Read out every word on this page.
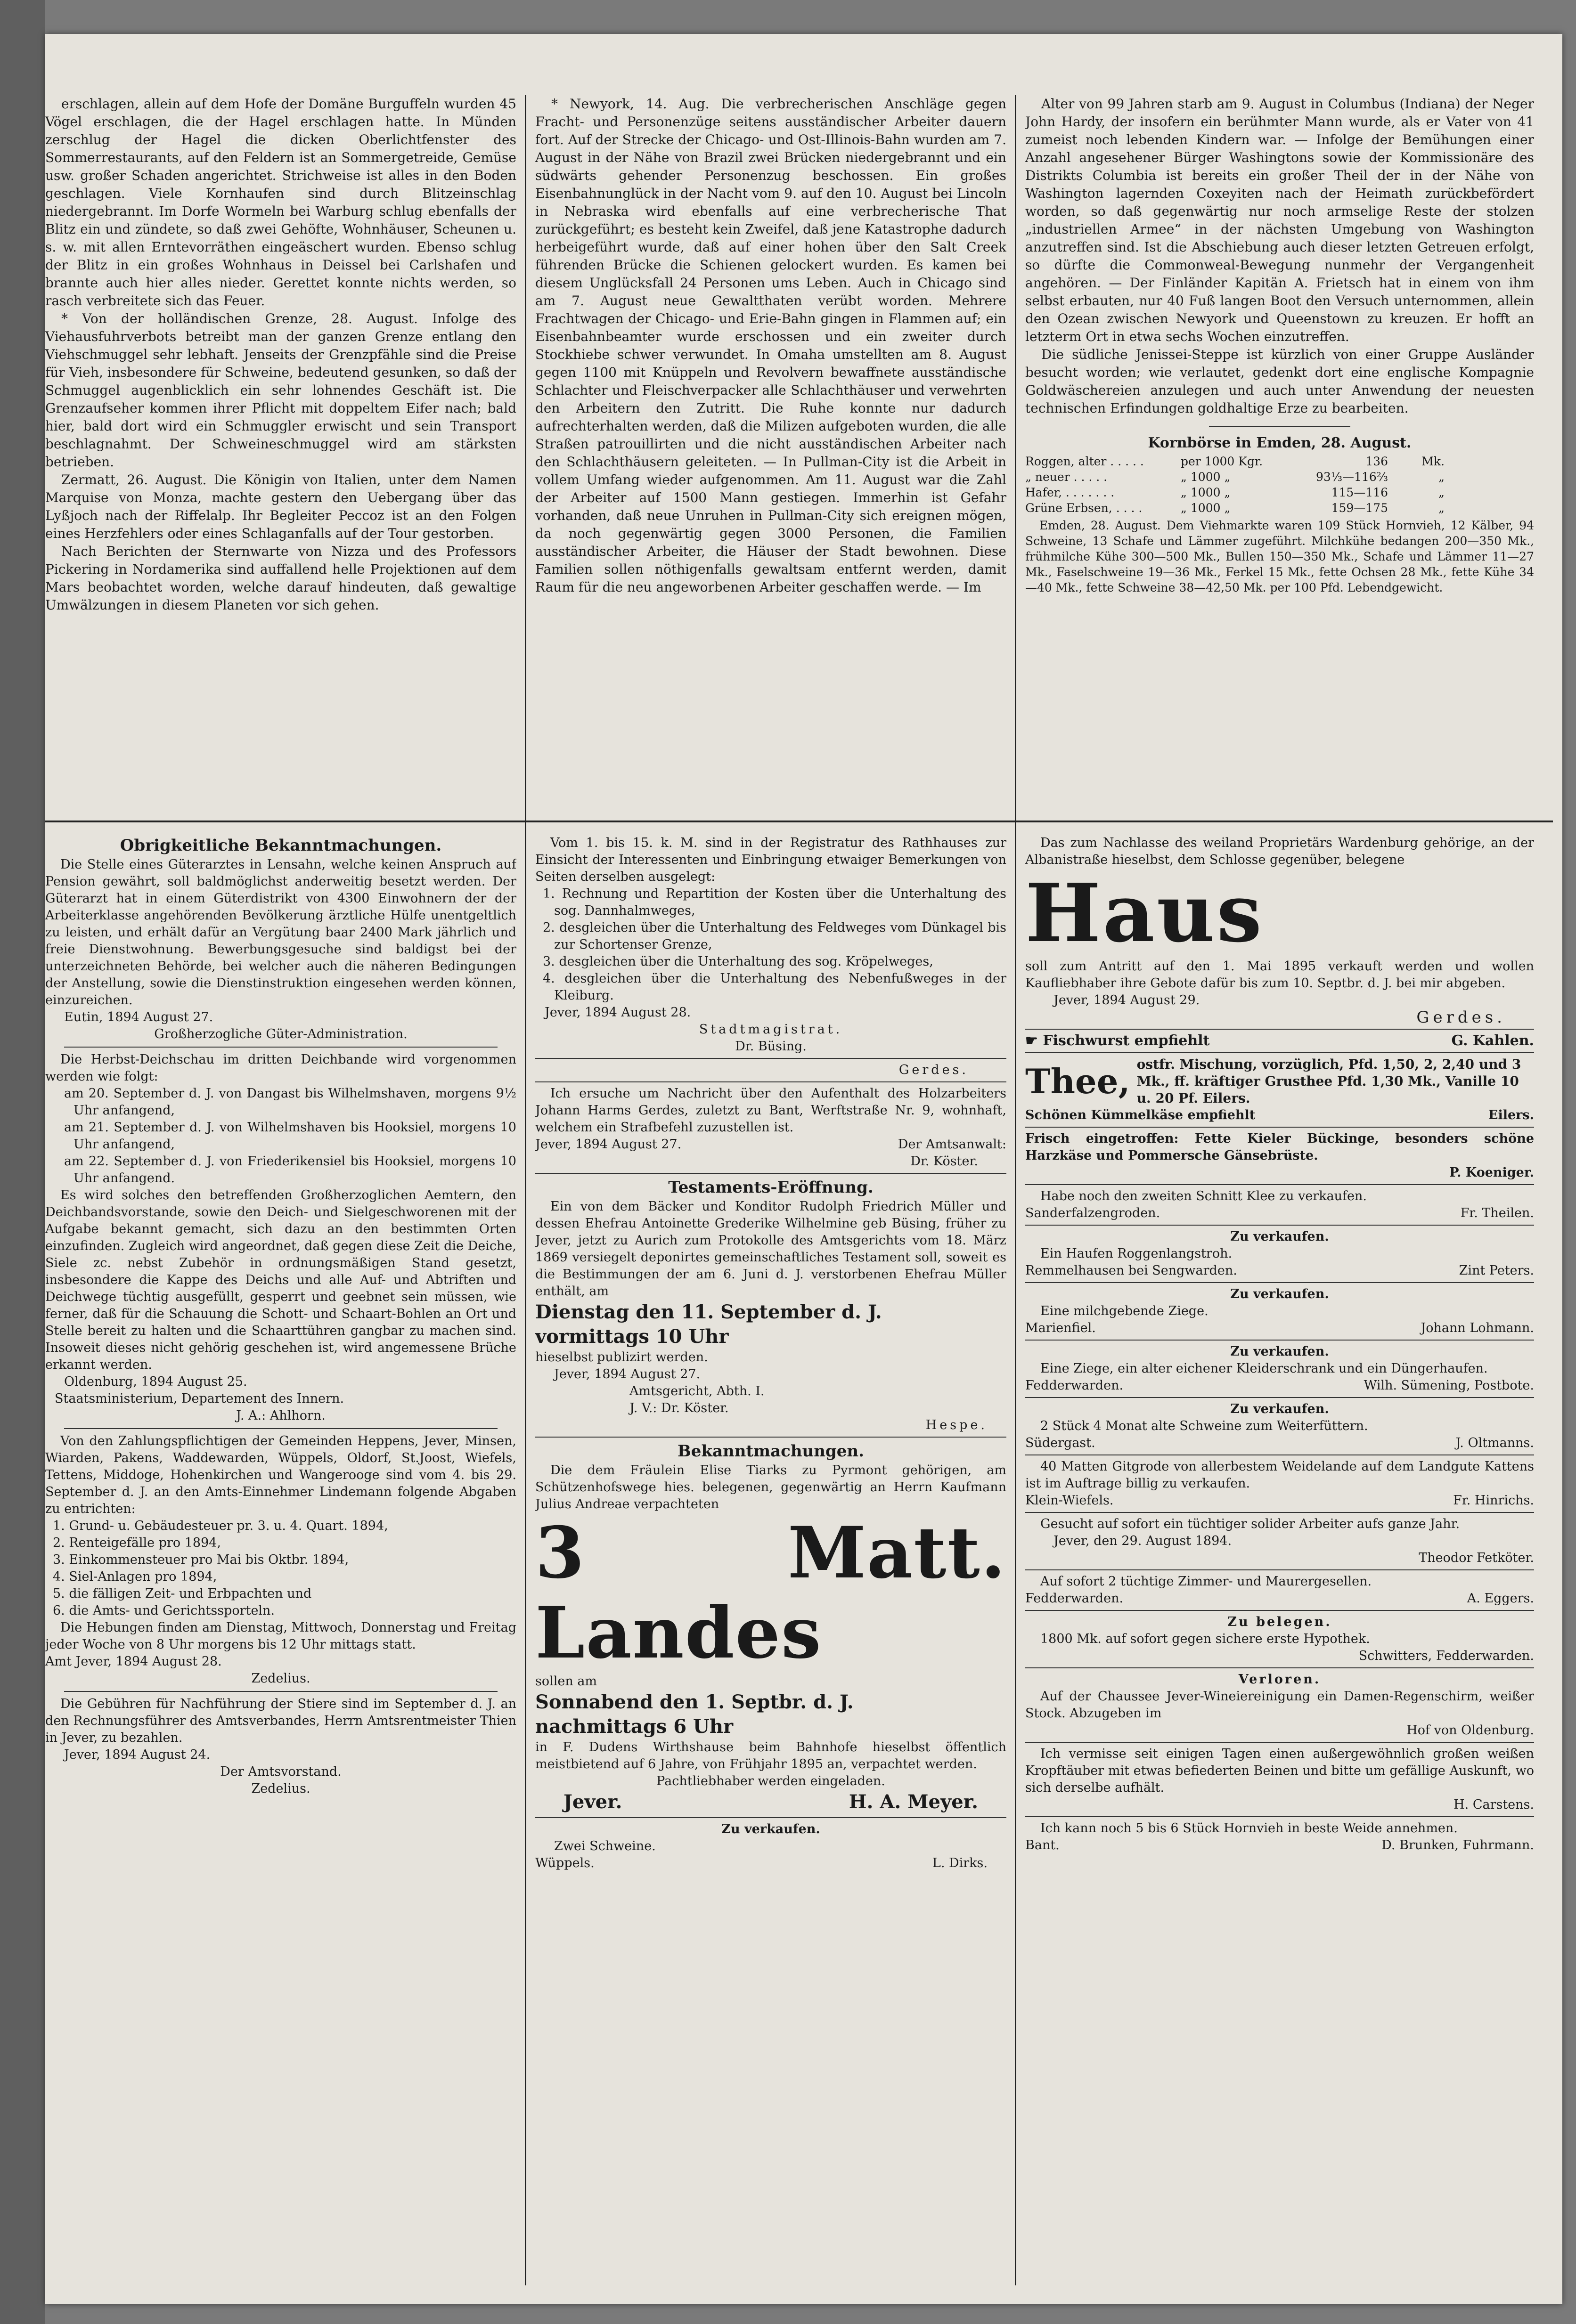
erschlagen, allein auf dem Hofe der Domäne Burguffeln wurden 45 Vögel erschlagen, die der Hagel erschlagen hatte. In Münden zerschlug der Hagel die dicken Oberlichtfenster des Sommerrestaurants, auf den Feldern ist an Sommergetreide, Gemüse usw. großer Schaden angerichtet. Strichweise ist alles in den Boden geschlagen. Viele Kornhaufen sind durch Blitzeinschlag niedergebrannt. Im Dorfe Wormeln bei Warburg schlug ebenfalls der Blitz ein und zündete, so daß zwei Gehöfte, Wohnhäuser, Scheunen u. s. w. mit allen Erntevorräthen eingeäschert wurden. Ebenso schlug der Blitz in ein großes Wohnhaus in Deissel bei Carlshafen und brannte auch hier alles nieder. Gerettet konnte nichts werden, so rasch verbreitete sich das Feuer.

* Von der holländischen Grenze, 28. August. Infolge des Viehausfuhrverbots betreibt man der ganzen Grenze entlang den Viehschmuggel sehr lebhaft. Jenseits der Grenzpfähle sind die Preise für Vieh, insbesondere für Schweine, bedeutend gesunken, so daß der Schmuggel augenblicklich ein sehr lohnendes Geschäft ist. Die Grenzaufseher kommen ihrer Pflicht mit doppeltem Eifer nach; bald hier, bald dort wird ein Schmuggler erwischt und sein Transport beschlagnahmt. Der Schweineschmuggel wird am stärksten betrieben.

Zermatt, 26. August. Die Königin von Italien, unter dem Namen Marquise von Monza, machte gestern den Uebergang über das Lyßjoch nach der Riffelalp. Ihr Begleiter Peccoz ist an den Folgen eines Herzfehlers oder eines Schlaganfalls auf der Tour gestorben.

Nach Berichten der Sternwarte von Nizza und des Professors Pickering in Nordamerika sind auffallend helle Projektionen auf dem Mars beobachtet worden, welche darauf hindeuten, daß gewaltige Umwälzungen in diesem Planeten vor sich gehen.

* Newyork, 14. Aug. Die verbrecherischen Anschläge gegen Fracht- und Personenzüge seitens ausständischer Arbeiter dauern fort. Auf der Strecke der Chicago- und Ost-Illinois-Bahn wurden am 7. August in der Nähe von Brazil zwei Brücken niedergebrannt und ein südwärts gehender Personenzug beschossen. Ein großes Eisenbahnunglück in der Nacht vom 9. auf den 10. August bei Lincoln in Nebraska wird ebenfalls auf eine verbrecherische That zurückgeführt; es besteht kein Zweifel, daß jene Katastrophe dadurch herbeigeführt wurde, daß auf einer hohen über den Salt Creek führenden Brücke die Schienen gelockert wurden. Es kamen bei diesem Unglücksfall 24 Personen ums Leben. Auch in Chicago sind am 7. August neue Gewaltthaten verübt worden. Mehrere Frachtwagen der Chicago- und Erie-Bahn gingen in Flammen auf; ein Eisenbahnbeamter wurde erschossen und ein zweiter durch Stockhiebe schwer verwundet. In Omaha umstellten am 8. August gegen 1100 mit Knüppeln und Revolvern bewaffnete ausständische Schlachter und Fleischverpacker alle Schlachthäuser und verwehrten den Arbeitern den Zutritt. Die Ruhe konnte nur dadurch aufrechterhalten werden, daß die Milizen aufgeboten wurden, die alle Straßen patrouillirten und die nicht ausständischen Arbeiter nach den Schlachthäusern geleiteten. — In Pullman-City ist die Arbeit in vollem Umfang wieder aufgenommen. Am 11. August war die Zahl der Arbeiter auf 1500 Mann gestiegen. Immerhin ist Gefahr vorhanden, daß neue Unruhen in Pullman-City sich ereignen mögen, da noch gegenwärtig gegen 3000 Personen, die Familien ausständischer Arbeiter, die Häuser der Stadt bewohnen. Diese Familien sollen nöthigenfalls gewaltsam entfernt werden, damit Raum für die neu angeworbenen Arbeiter geschaffen werde. — Im

Alter von 99 Jahren starb am 9. August in Columbus (Indiana) der Neger John Hardy, der insofern ein berühmter Mann wurde, als er Vater von 41 zumeist noch lebenden Kindern war. — Infolge der Bemühungen einer Anzahl angesehener Bürger Washingtons sowie der Kommissionäre des Distrikts Columbia ist bereits ein großer Theil der in der Nähe von Washington lagernden Coxeyiten nach der Heimath zurückbefördert worden, so daß gegenwärtig nur noch armselige Reste der stolzen „industriellen Armee“ in der nächsten Umgebung von Washington anzutreffen sind. Ist die Abschiebung auch dieser letzten Getreuen erfolgt, so dürfte die Commonweal-Bewegung nunmehr der Vergangenheit angehören. — Der Finländer Kapitän A. Frietsch hat in einem von ihm selbst erbauten, nur 40 Fuß langen Boot den Versuch unternommen, allein den Ozean zwischen Newyork und Queenstown zu kreuzen. Er hofft an letzterm Ort in etwa sechs Wochen einzutreffen.

Die südliche Jenissei-Steppe ist kürzlich von einer Gruppe Ausländer besucht worden; wie verlautet, gedenkt dort eine englische Kompagnie Goldwäschereien anzulegen und auch unter Anwendung der neuesten technischen Erfindungen goldhaltige Erze zu bearbeiten.

Kornbörse in Emden, 28. August.

Roggen, alter . . . . .	per 1000 Kgr.	136	Mk.
„ neuer . . . . .	„ 1000 „	93⅓—116⅔	„
Hafer, . . . . . . .	„ 1000 „	115—116	„
Grüne Erbsen, . . . .	„ 1000 „	159—175	„

Emden, 28. August. Dem Viehmarkte waren 109 Stück Hornvieh, 12 Kälber, 94 Schweine, 13 Schafe und Lämmer zugeführt. Milchkühe bedangen 200—350 Mk., frühmilche Kühe 300—500 Mk., Bullen 150—350 Mk., Schafe und Lämmer 11—27 Mk., Faselschweine 19—36 Mk., Ferkel 15 Mk., fette Ochsen 28 Mk., fette Kühe 34—40 Mk., fette Schweine 38—42,50 Mk. per 100 Pfd. Lebendgewicht.

Obrigkeitliche Bekanntmachungen.

Die Stelle eines Güterarztes in Lensahn, welche keinen Anspruch auf Pension gewährt, soll baldmöglichst anderweitig besetzt werden. Der Güterarzt hat in einem Güterdistrikt von 4300 Einwohnern der der Arbeiterklasse angehörenden Bevölkerung ärztliche Hülfe unentgeltlich zu leisten, und erhält dafür an Vergütung baar 2400 Mark jährlich und freie Dienstwohnung. Bewerbungsgesuche sind baldigst bei der unterzeichneten Behörde, bei welcher auch die näheren Bedingungen der Anstellung, sowie die Dienstinstruktion eingesehen werden können, einzureichen.

Eutin, 1894 August 27.

Großherzogliche Güter-Administration.

Die Herbst-Deichschau im dritten Deichbande wird vorgenommen werden wie folgt:

am 20. September d. J. von Dangast bis Wilhelmshaven, morgens 9½ Uhr anfangend,

am 21. September d. J. von Wilhelmshaven bis Hooksiel, morgens 10 Uhr anfangend,

am 22. September d. J. von Friederikensiel bis Hooksiel, morgens 10 Uhr anfangend.

Es wird solches den betreffenden Großherzoglichen Aemtern, den Deichbandsvorstande, sowie den Deich- und Sielgeschworenen mit der Aufgabe bekannt gemacht, sich dazu an den bestimmten Orten einzufinden. Zugleich wird angeordnet, daß gegen diese Zeit die Deiche, Siele zc. nebst Zubehör in ordnungsmäßigen Stand gesetzt, insbesondere die Kappe des Deichs und alle Auf- und Abtriften und Deichwege tüchtig ausgefüllt, gesperrt und geebnet sein müssen, wie ferner, daß für die Schauung die Schott- und Schaart-Bohlen an Ort und Stelle bereit zu halten und die Schaarttühren gangbar zu machen sind. Insoweit dieses nicht gehörig geschehen ist, wird angemessene Brüche erkannt werden.

Oldenburg, 1894 August 25.

Staatsministerium, Departement des Innern.

J. A.: Ahlhorn.

Von den Zahlungspflichtigen der Gemeinden Heppens, Jever, Minsen, Wiarden, Pakens, Waddewarden, Wüppels, Oldorf, St.Joost, Wiefels, Tettens, Middoge, Hohenkirchen und Wangerooge sind vom 4. bis 29. September d. J. an den Amts-Einnehmer Lindemann folgende Abgaben zu entrichten:

1. Grund- u. Gebäudesteuer pr. 3. u. 4. Quart. 1894,

2. Renteigefälle pro 1894,

3. Einkommensteuer pro Mai bis Oktbr. 1894,

4. Siel-Anlagen pro 1894,

5. die fälligen Zeit- und Erbpachten und

6. die Amts- und Gerichtssporteln.

Die Hebungen finden am Dienstag, Mittwoch, Donnerstag und Freitag jeder Woche von 8 Uhr morgens bis 12 Uhr mittags statt.

Amt Jever, 1894 August 28.

Zedelius.

Die Gebühren für Nachführung der Stiere sind im September d. J. an den Rechnungsführer des Amtsverbandes, Herrn Amtsrentmeister Thien in Jever, zu bezahlen.

Jever, 1894 August 24.

Der Amtsvorstand.

Zedelius.

Vom 1. bis 15. k. M. sind in der Registratur des Rathhauses zur Einsicht der Interessenten und Einbringung etwaiger Bemerkungen von Seiten derselben ausgelegt:

1. Rechnung und Repartition der Kosten über die Unterhaltung des sog. Dannhalmweges,

2. desgleichen über die Unterhaltung des Feldweges vom Dünkagel bis zur Schortenser Grenze,

3. desgleichen über die Unterhaltung des sog. Kröpelweges,

4. desgleichen über die Unterhaltung des Nebenfußweges in der Kleiburg.

Jever, 1894 August 28.

Stadtmagistrat.

Dr. Büsing.

Gerdes.

Ich ersuche um Nachricht über den Aufenthalt des Holzarbeiters Johann Harms Gerdes, zuletzt zu Bant, Werftstraße Nr. 9, wohnhaft, welchem ein Strafbefehl zuzustellen ist.

Jever, 1894 August 27.	Der Amtsanwalt:

Dr. Köster.

Testaments-Eröffnung.

Ein von dem Bäcker und Konditor Rudolph Friedrich Müller und dessen Ehefrau Antoinette Grederike Wilhelmine geb Büsing, früher zu Jever, jetzt zu Aurich zum Protokolle des Amtsgerichts vom 18. März 1869 versiegelt deponirtes gemeinschaftliches Testament soll, soweit es die Bestimmungen der am 6. Juni d. J. verstorbenen Ehefrau Müller enthält, am

Dienstag den 11. September d. J.

vormittags 10 Uhr

hieselbst publizirt werden.

Jever, 1894 August 27.

Amtsgericht, Abth. I.

J. V.: Dr. Köster.

Hespe.

Bekanntmachungen.

Die dem Fräulein Elise Tiarks zu Pyrmont gehörigen, am Schützenhofswege hies. belegenen, gegenwärtig an Herrn Kaufmann Julius Andreae verpachteten

3 Matt. Landes

sollen am

Sonnabend den 1. Septbr. d. J.

nachmittags 6 Uhr

in F. Dudens Wirthshause beim Bahnhofe hieselbst öffentlich meistbietend auf 6 Jahre, von Frühjahr 1895 an, verpachtet werden.

Pachtliebhaber werden eingeladen.

Jever.	H. A. Meyer.

Zu verkaufen.

Zwei Schweine.

Wüppels.	L. Dirks.

Das zum Nachlasse des weiland Proprietärs Wardenburg gehörige, an der Albanistraße hieselbst, dem Schlosse gegenüber, belegene

Haus

soll zum Antritt auf den 1. Mai 1895 verkauft werden und wollen Kaufliebhaber ihre Gebote dafür bis zum 10. Septbr. d. J. bei mir abgeben.

Jever, 1894 August 29.

Gerdes.

☛ Fischwurst empfiehlt	G. Kahlen.
Thee, ostfr. Mischung, vorzüglich, Pfd. 1,50, 2, 2,40 und 3 Mk., ff. kräftiger Grusthee Pfd. 1,30 Mk., Vanille 10 u. 20 Pf. Eilers.
Schönen Kümmelkäse empfiehlt	Eilers.

Frisch eingetroffen: Fette Kieler Bückinge, besonders schöne Harzkäse und Pommersche Gänsebrüste.

P. Koeniger.

Habe noch den zweiten Schnitt Klee zu verkaufen.

Sanderfalzengroden.	Fr. Theilen.

Zu verkaufen.

Ein Haufen Roggenlangstroh.

Remmelhausen bei Sengwarden.	Zint Peters.

Zu verkaufen.

Eine milchgebende Ziege.

Marienfiel.	Johann Lohmann.

Zu verkaufen.

Eine Ziege, ein alter eichener Kleiderschrank und ein Düngerhaufen.

Fedderwarden.	Wilh. Sümening, Postbote.

Zu verkaufen.

2 Stück 4 Monat alte Schweine zum Weiterfüttern.

Südergast.	J. Oltmanns.

40 Matten Gitgrode von allerbestem Weidelande auf dem Landgute Kattens ist im Auftrage billig zu verkaufen.

Klein-Wiefels.	Fr. Hinrichs.

Gesucht auf sofort ein tüchtiger solider Arbeiter aufs ganze Jahr.

Jever, den 29. August 1894.

Theodor Fetköter.

Auf sofort 2 tüchtige Zimmer- und Maurergesellen.

Fedderwarden.	A. Eggers.

Zu belegen.

1800 Mk. auf sofort gegen sichere erste Hypothek.

Schwitters, Fedderwarden.

Verloren.

Auf der Chaussee Jever-Wineiereinigung ein Damen-Regenschirm, weißer Stock. Abzugeben im

Hof von Oldenburg.

Ich vermisse seit einigen Tagen einen außergewöhnlich großen weißen Kropftäuber mit etwas befiederten Beinen und bitte um gefällige Auskunft, wo sich derselbe aufhält.

H. Carstens.

Ich kann noch 5 bis 6 Stück Hornvieh in beste Weide annehmen.

Bant.	D. Brunken, Fuhrmann.
